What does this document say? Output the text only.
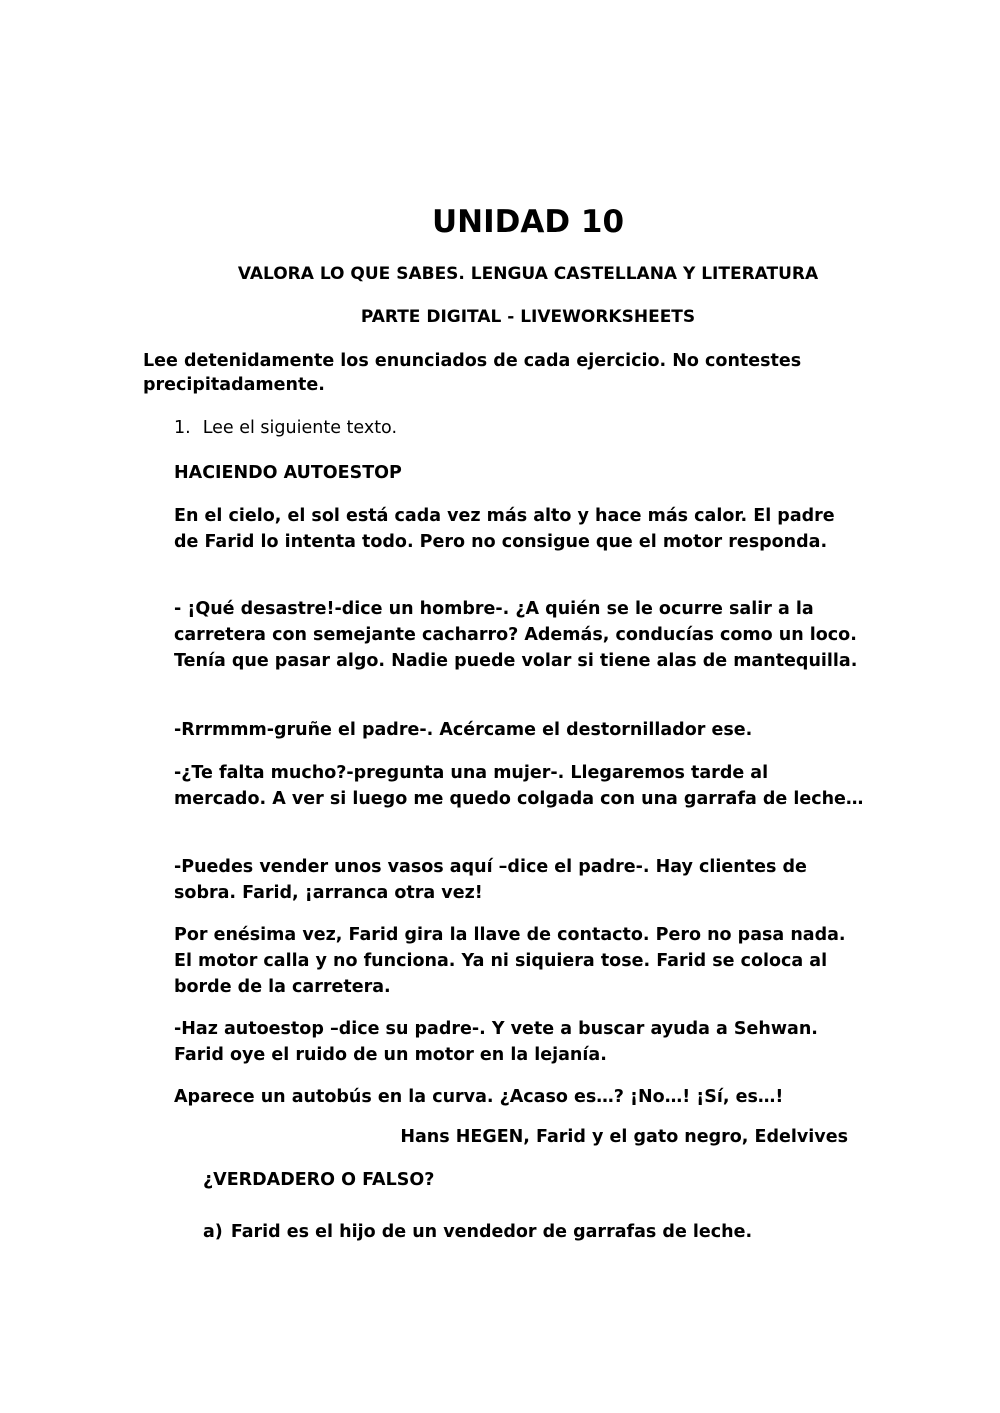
UNIDAD 10
VALORA LO QUE SABES. LENGUA CASTELLANA Y LITERATURA
PARTE DIGITAL - LIVEWORKSHEETS
Lee detenidamente los enunciados de cada ejercicio. No contestes precipitadamente.
1. Lee el siguiente texto.
HACIENDO AUTOESTOP
En el cielo, el sol está cada vez más alto y hace más calor. El padre de Farid lo intenta todo. Pero no consigue que el motor responda.
- ¡Qué desastre!-dice un hombre-. ¿A quién se le ocurre salir a la carretera con semejante cacharro? Además, conducías como un loco. Tenía que pasar algo. Nadie puede volar si tiene alas de mantequilla.
-Rrrmmm-gruñe el padre-. Acércame el destornillador ese.
-¿Te falta mucho?-pregunta una mujer-. Llegaremos tarde al mercado. A ver si luego me quedo colgada con una garrafa de leche…
-Puedes vender unos vasos aquí –dice el padre-. Hay clientes de sobra. Farid, ¡arranca otra vez!
Por enésima vez, Farid gira la llave de contacto. Pero no pasa nada. El motor calla y no funciona. Ya ni siquiera tose. Farid se coloca al borde de la carretera.
-Haz autoestop –dice su padre-. Y vete a buscar ayuda a Sehwan. Farid oye el ruido de un motor en la lejanía.
Aparece un autobús en la curva. ¿Acaso es…? ¡No…! ¡Sí, es…!
Hans HEGEN, Farid y el gato negro, Edelvives
¿VERDADERO O FALSO?
a) Farid es el hijo de un vendedor de garrafas de leche.
